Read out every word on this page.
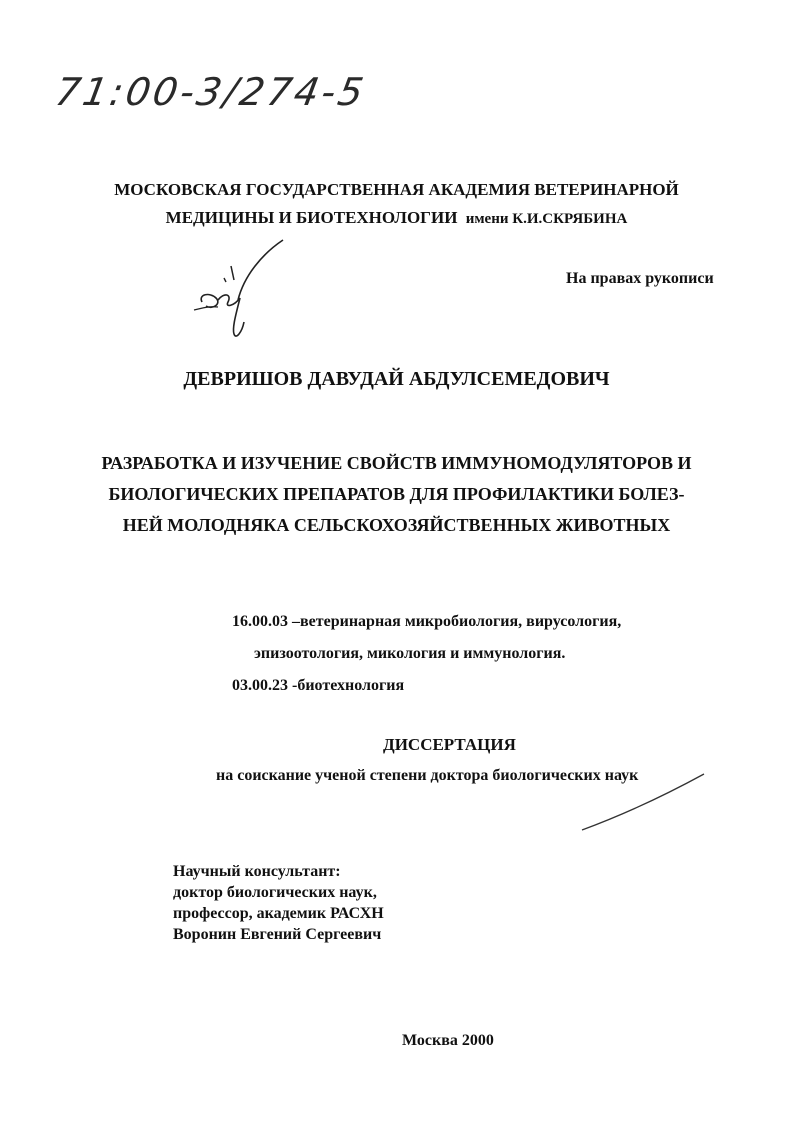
71:00-3/274-5
МОСКОВСКАЯ ГОСУДАРСТВЕННАЯ АКАДЕМИЯ ВЕТЕРИНАРНОЙ
МЕДИЦИНЫ И БИОТЕХНОЛОГИИ имени К.И.СКРЯБИНА
На правах рукописи
ДЕВРИШОВ ДАВУДАЙ АБДУЛСЕМЕДОВИЧ
РАЗРАБОТКА И ИЗУЧЕНИЕ СВОЙСТВ ИММУНОМОДУЛЯТОРОВ И
БИОЛОГИЧЕСКИХ ПРЕПАРАТОВ ДЛЯ ПРОФИЛАКТИКИ БОЛЕЗ-
НЕЙ МОЛОДНЯКА СЕЛЬСКОХОЗЯЙСТВЕННЫХ ЖИВОТНЫХ
16.00.03 –ветеринарная микробиология, вирусология,
эпизоотология, микология и иммунология.
03.00.23 -биотехнология
ДИССЕРТАЦИЯ
на соискание ученой степени доктора биологических наук
Научный консультант:
доктор биологических наук,
профессор, академик РАСХН
Воронин Евгений Сергеевич
Москва 2000
